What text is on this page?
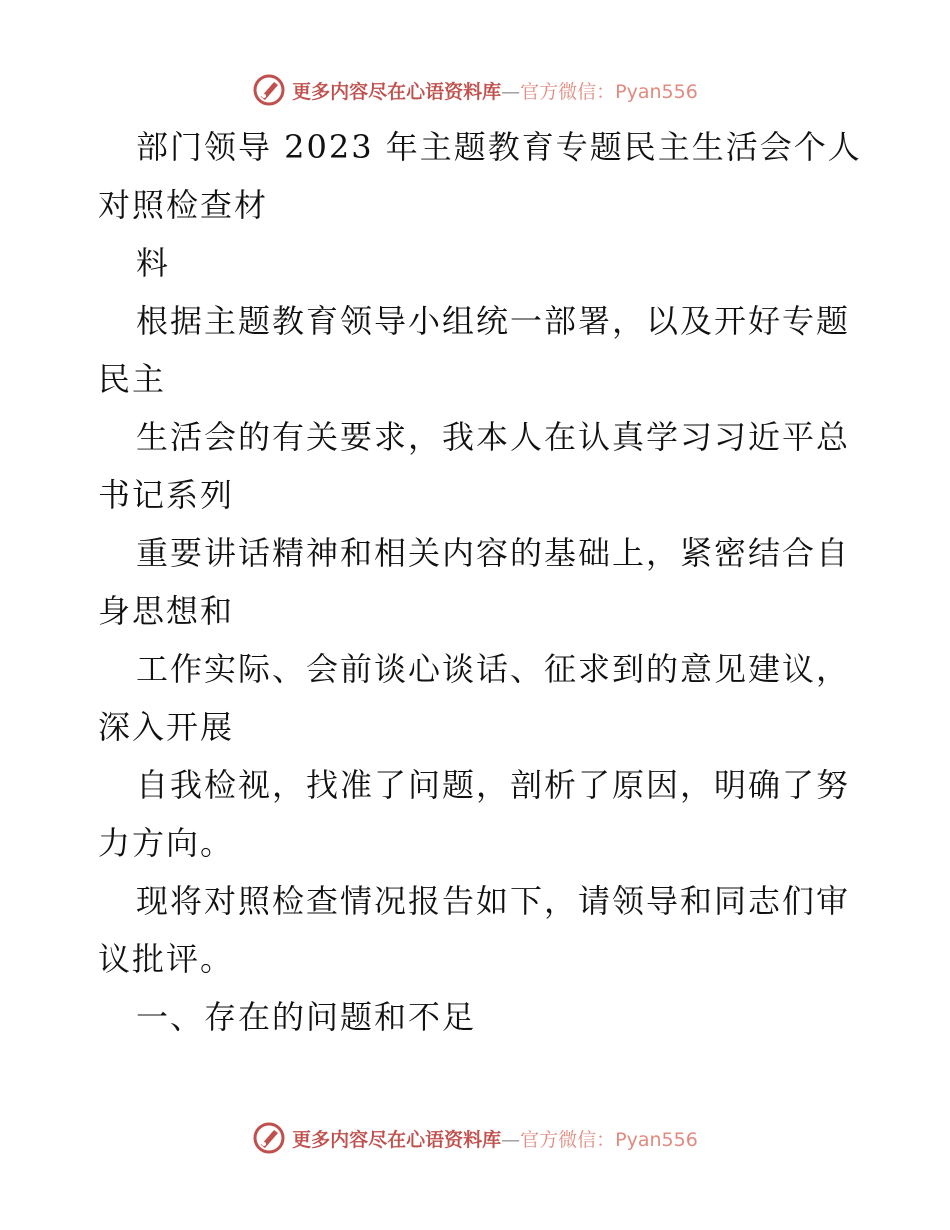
更多内容尽在心语资料库—官方微信：Pyan556

部门领导 2023 年主题教育专题民主生活会个人

对照检查材

料

根据主题教育领导小组统一部署，以及开好专题

民主

生活会的有关要求，我本人在认真学习习近平总

书记系列

重要讲话精神和相关内容的基础上，紧密结合自

身思想和

工作实际、会前谈心谈话、征求到的意见建议，

深入开展

自我检视，找准了问题，剖析了原因，明确了努

力方向。

现将对照检查情况报告如下，请领导和同志们审

议批评。

一、存在的问题和不足

更多内容尽在心语资料库—官方微信：Pyan556
